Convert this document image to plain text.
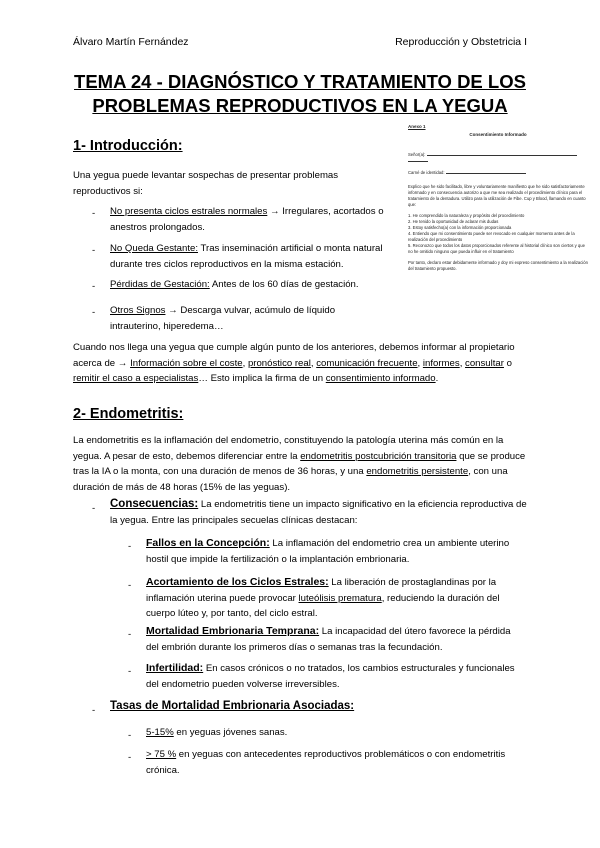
Álvaro Martín Fernández	Reproducción y Obstetricia I
TEMA 24 - DIAGNÓSTICO Y TRATAMIENTO DE LOS
PROBLEMAS REPRODUCTIVOS EN LA YEGUA
1- Introducción:
Una yegua puede levantar sospechas de presentar problemas reproductivos si:
- No presenta ciclos estrales normales → Irregulares, acortados o anestros prolongados.
- No Queda Gestante: Tras inseminación artificial o monta natural durante tres ciclos reproductivos en la misma estación.
- Pérdidas de Gestación: Antes de los 60 días de gestación.
- Otros Signos → Descarga vulvar, acúmulo de líquido intrauterino, hiperedema…
Cuando nos llega una yegua que cumple algún punto de los anteriores, debemos informar al propietario acerca de → Información sobre el coste, pronóstico real, comunicación frecuente, informes, consultar o remitir el caso a especialistas… Esto implica la firma de un consentimiento informado.
Anexo 1
Consentimiento Informado
Señor(a):

Carné de identidad:
Explico que he sido facilitado, libre y voluntariamente manifiesto que he sido satisfactoriamente informado y en consecuencia autorizo a que me sea realizado el procedimiento clínico para el tratamiento de la dentadura. Utilizo para la utilización de Fibe. Cup y Blood, llamando en cuanto que:
1. He comprendido la naturaleza y propósito del procedimiento
2. He tenido la oportunidad de aclarar mis dudas
3. Estoy satisfecho(a) con la información proporcionada
4. Entiendo que mi consentimiento puede ser revocado en cualquier momento antes de la realización del procedimiento
5. Reconozco que todos los datos proporcionados referente al historial clínico son ciertos y que no he omitido ninguno que pueda influir en el tratamiento
Por tanto, declaro estar debidamente informado y doy mi expreso consentimiento a la realización del tratamiento propuesto.
2- Endometritis:
La endometritis es la inflamación del endometrio, constituyendo la patología uterina más común en la yegua. A pesar de esto, debemos diferenciar entre la endometritis postcubrición transitoria que se produce tras la IA o la monta, con una duración de menos de 36 horas, y una endometritis persistente, con una duración de más de 48 horas (15% de las yeguas).
- Consecuencias: La endometritis tiene un impacto significativo en la eficiencia reproductiva de la yegua. Entre las principales secuelas clínicas destacan:
- Fallos en la Concepción: La inflamación del endometrio crea un ambiente uterino hostil que impide la fertilización o la implantación embrionaria.
- Acortamiento de los Ciclos Estrales: La liberación de prostaglandinas por la inflamación uterina puede provocar luteólisis prematura, reduciendo la duración del cuerpo lúteo y, por tanto, del ciclo estral.
- Mortalidad Embrionaria Temprana: La incapacidad del útero favorece la pérdida del embrión durante los primeros días o semanas tras la fecundación.
- Infertilidad: En casos crónicos o no tratados, los cambios estructurales y funcionales del endometrio pueden volverse irreversibles.
- Tasas de Mortalidad Embrionaria Asociadas:
- 5-15% en yeguas jóvenes sanas.
- > 75 % en yeguas con antecedentes reproductivos problemáticos o con endometritis crónica.
